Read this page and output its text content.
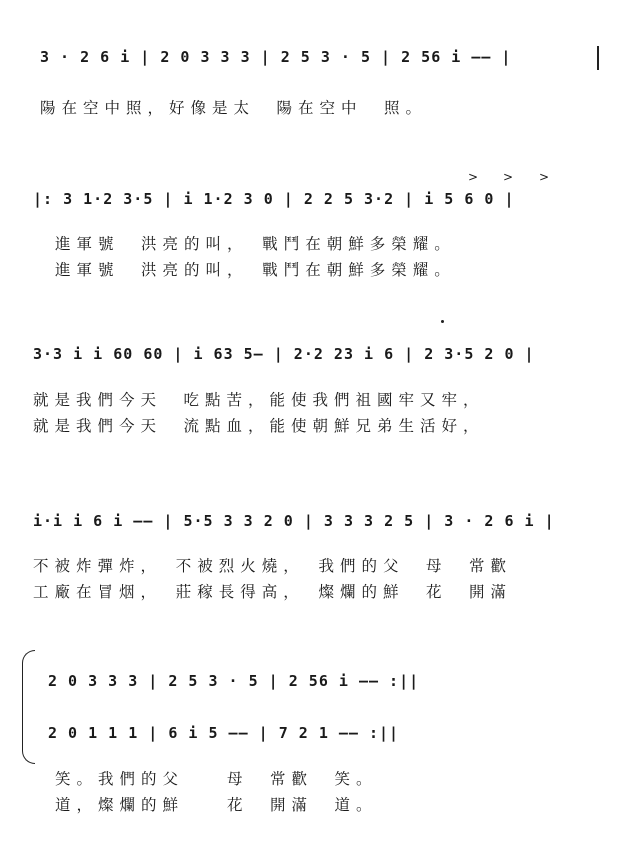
3 · 2 6 i | 2 0 3 3 3 | 2 5 3 · 5 | 2 56 i —— |
陽在空中照，好像是太　陽在空中　照。
> > >
|: 3 1·2 3·5 | i 1·2 3 0 | 2 2 5 3·2 | i 5 6 0 |
進軍號　洪亮的叫，　戰鬥在朝鮮多榮耀。
進軍號　洪亮的叫，　戰鬥在朝鮮多榮耀。
3·3 i i 60 60 | i 63 5— | 2·2 23 i 6 | 2 3·5 2 0 |
就是我們今天　吃點苦，能使我們祖國牢又牢，
就是我們今天　流點血，能使朝鮮兄弟生活好，
i·i i 6 i —— | 5·5 3 3 2 0 | 3 3 3 2 5 | 3 · 2 6 i |
不被炸彈炸，　不被烈火燒，　我們的父　母　常歡
工廠在冒烟，　莊稼長得高，　燦爛的鮮　花　開滿
2 0 3 3 3 | 2 5 3 · 5 | 2 56 i —— :||
2 0 1 1 1 | 6 i 5 —— | 7 2 1 —— :||
笑。我們的父　　母　常歡　笑。
道，燦爛的鮮　　花　開滿　道。
